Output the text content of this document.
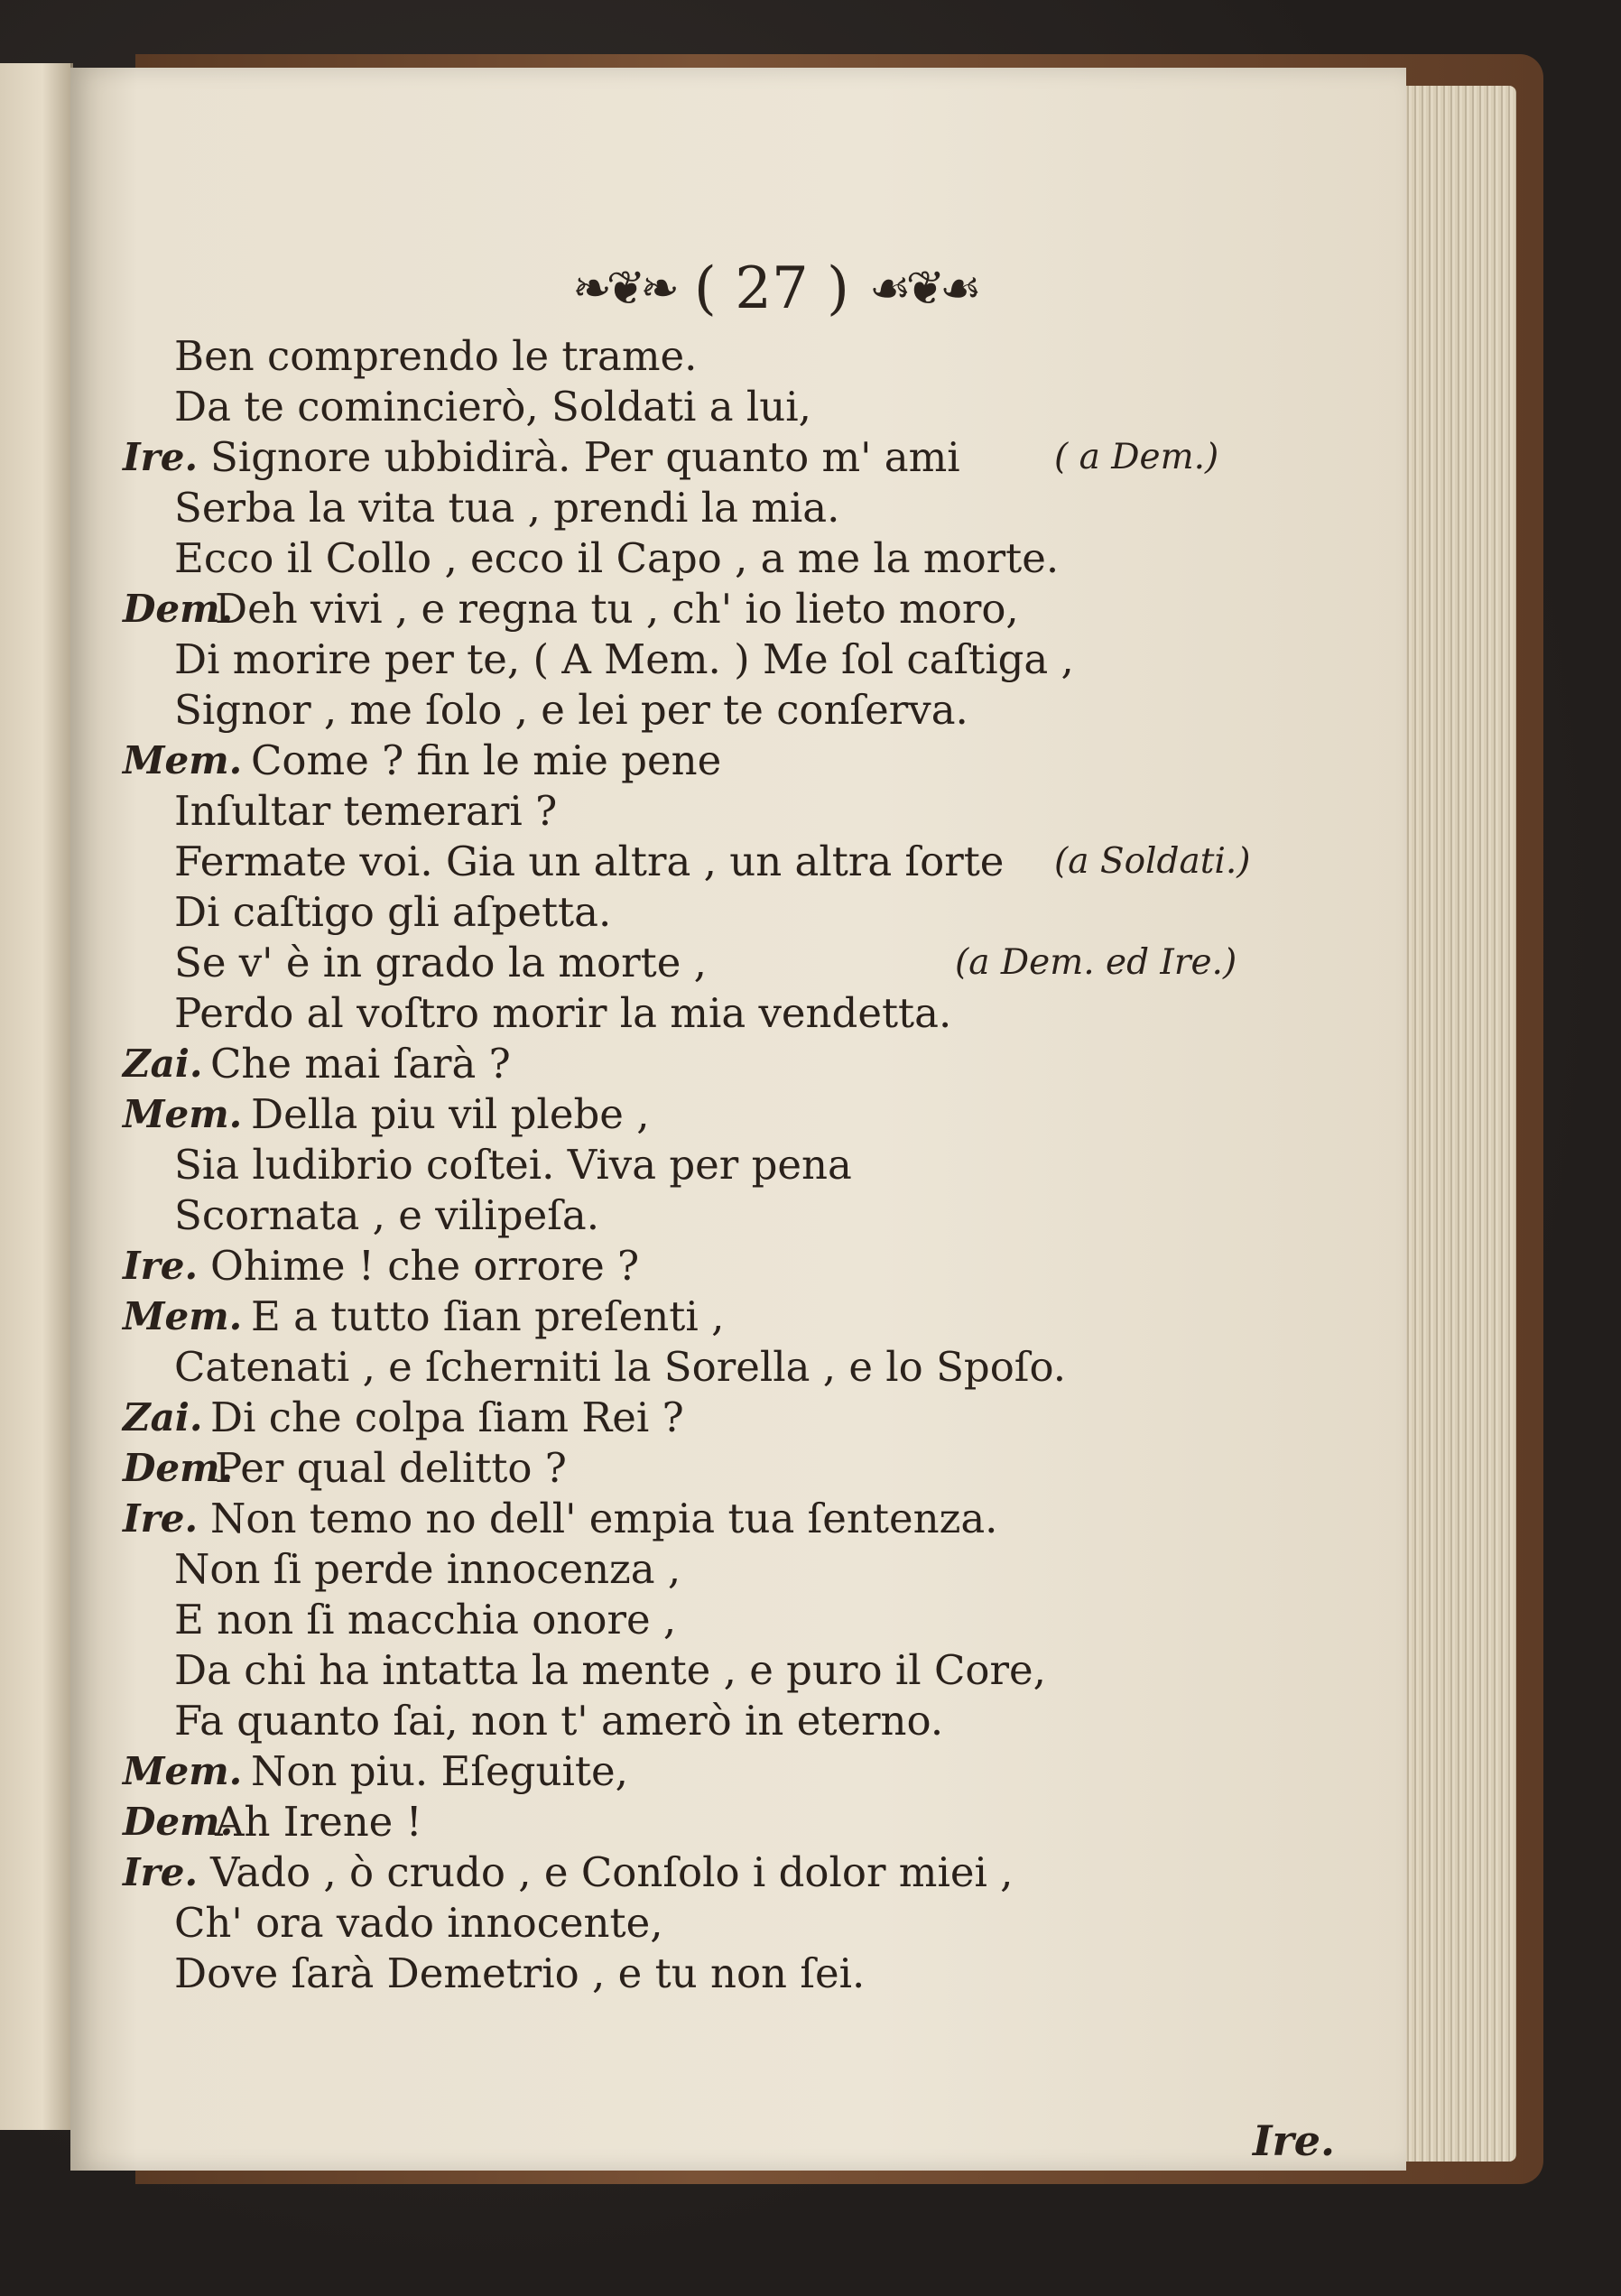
❧❦❧ ( 27 ) ☙❦☙
Ben comprendo le trame.
Da te comincierò, Soldati a lui,
Ire. Signore ubbidirà. Per quanto m' ami	( a Dem.)
Serba la vita tua , prendi la mia.
Ecco il Collo , ecco il Capo , a me la morte.
Dem.
Deh vivi , e regna tu , ch' io lieto moro,
Di morire per te, ( A Mem. ) Me ſol caſtiga ,
Signor , me ſolo , e lei per te conſerva.
Mem. Come ? fin le mie pene
Inſultar temerari ?
Fermate voi. Gia un altra , un altra ſorte (a Soldati.)
Di caſtigo gli aſpetta.
Se v' è in grado la morte ,	(a Dem. ed Ire.)
Perdo al voſtro morir la mia vendetta.
Zai. Che mai ſarà ?
Mem. Della piu vil plebe ,
Sia ludibrio coſtei. Viva per pena
Scornata , e vilipeſa.
Ire. Ohime ! che orrore ?
Mem. E a tutto ſian preſenti ,
Catenati , e ſcherniti la Sorella , e lo Spoſo.
Zai. Di che colpa ſiam Rei ?
Dem.
Per qual delitto ?
Ire. Non temo no dell' empia tua ſentenza.
Non ſi perde innocenza ,
E non ſi macchia onore ,
Da chi ha intatta la mente , e puro il Core,
Fa quanto ſai, non t' amerò in eterno.
Mem. Non piu. Eſeguite,
Dem.
Ah Irene !
Ire. Vado , ò crudo , e Conſolo i dolor miei ,
Ch' ora vado innocente,
Dove ſarà Demetrio , e tu non ſei.
Ire.
